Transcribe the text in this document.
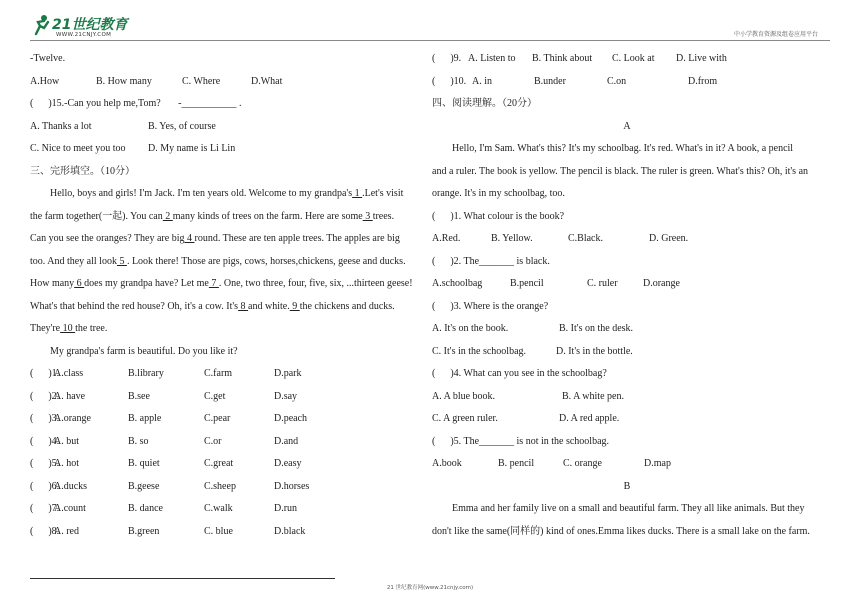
21世纪教育
WWW.21CNJY.COM	中小学教育资源及组卷应用平台
-Twelve.
A.How	B. How many	C. Where	D.What
(      )15.-Can you help me,Tom?       -___________ .
A. Thanks a lot	B. Yes, of course
C. Nice to meet you too D. My name is Li Lin
三、完形填空。（10分）
Hello, boys and girls! I'm Jack. I'm ten years old. Welcome to my grandpa's 1 .Let's visit
the farm together(一起). You can 2 many kinds of trees on the farm. Here are some 3 trees.
Can you see the oranges? They are big 4 round. These are ten apple trees. The apples are big
too. And they all look 5 . Look there! Those are pigs, cows, horses,chickens, geese and ducks.
How many 6 does my grandpa have? Let me 7 . One, two three, four, five, six, ...thirteen geese!
What's that behind the red house? Oh, it's a cow. It's 8 and white. 9 the chickens and ducks.
They're 10 the tree.
My grandpa's farm is beautiful. Do you like it?
(      )1.
A.class	B.library	C.farm	D.park
(      )2.
A. have	B.see	C.get	D.say
(      )3.
A.orange	B. apple	C.pear	D.peach
(      )4.
A. but	B. so	C.or	D.and
(      )5.
A. hot	B. quiet	C.great	D.easy
(      )6.
A.ducks	B.geese	C.sheep	D.horses
(      )7.
A.count	B. dance	C.walk	D.run
(      )8.
A. red	B.green	C. blue	D.black
(      )9. A. Listen to B. Think about C. Look at D. Live with
(      )10. A. in	B.under	C.on	D.from
四、阅读理解。（20分）
A
Hello, I'm Sam. What's this? It's my schoolbag. It's red. What's in it? A book, a pencil
and a ruler. The book is yellow. The pencil is black. The ruler is green. What's this? Oh, it's an
orange. It's in my schoolbag, too.
(      )1. What colour is the book?
A.Red.	B. Yellow.	C.Black.	D. Green.
(      )2. The_______ is black.
A.schoolbag	B.pencil	C. ruler	D.orange
(      )3. Where is the orange?
A. It's on the book.	B. It's on the desk.
C. It's in the schoolbag.	D. It's in the bottle.
(      )4. What can you see in the schoolbag?
A. A blue book.	B. A white pen.
C. A green ruler.	D. A red apple.
(      )5. The_______ is not in the schoolbag.
A.book	B. pencil	C. orange	D.map
B
Emma and her family live on a small and beautiful farm. They all like animals. But they
don't like the same(同样的) kind of ones.Emma likes ducks. There is a small lake on the farm.
21 世纪教育网(www.21cnjy.com)
